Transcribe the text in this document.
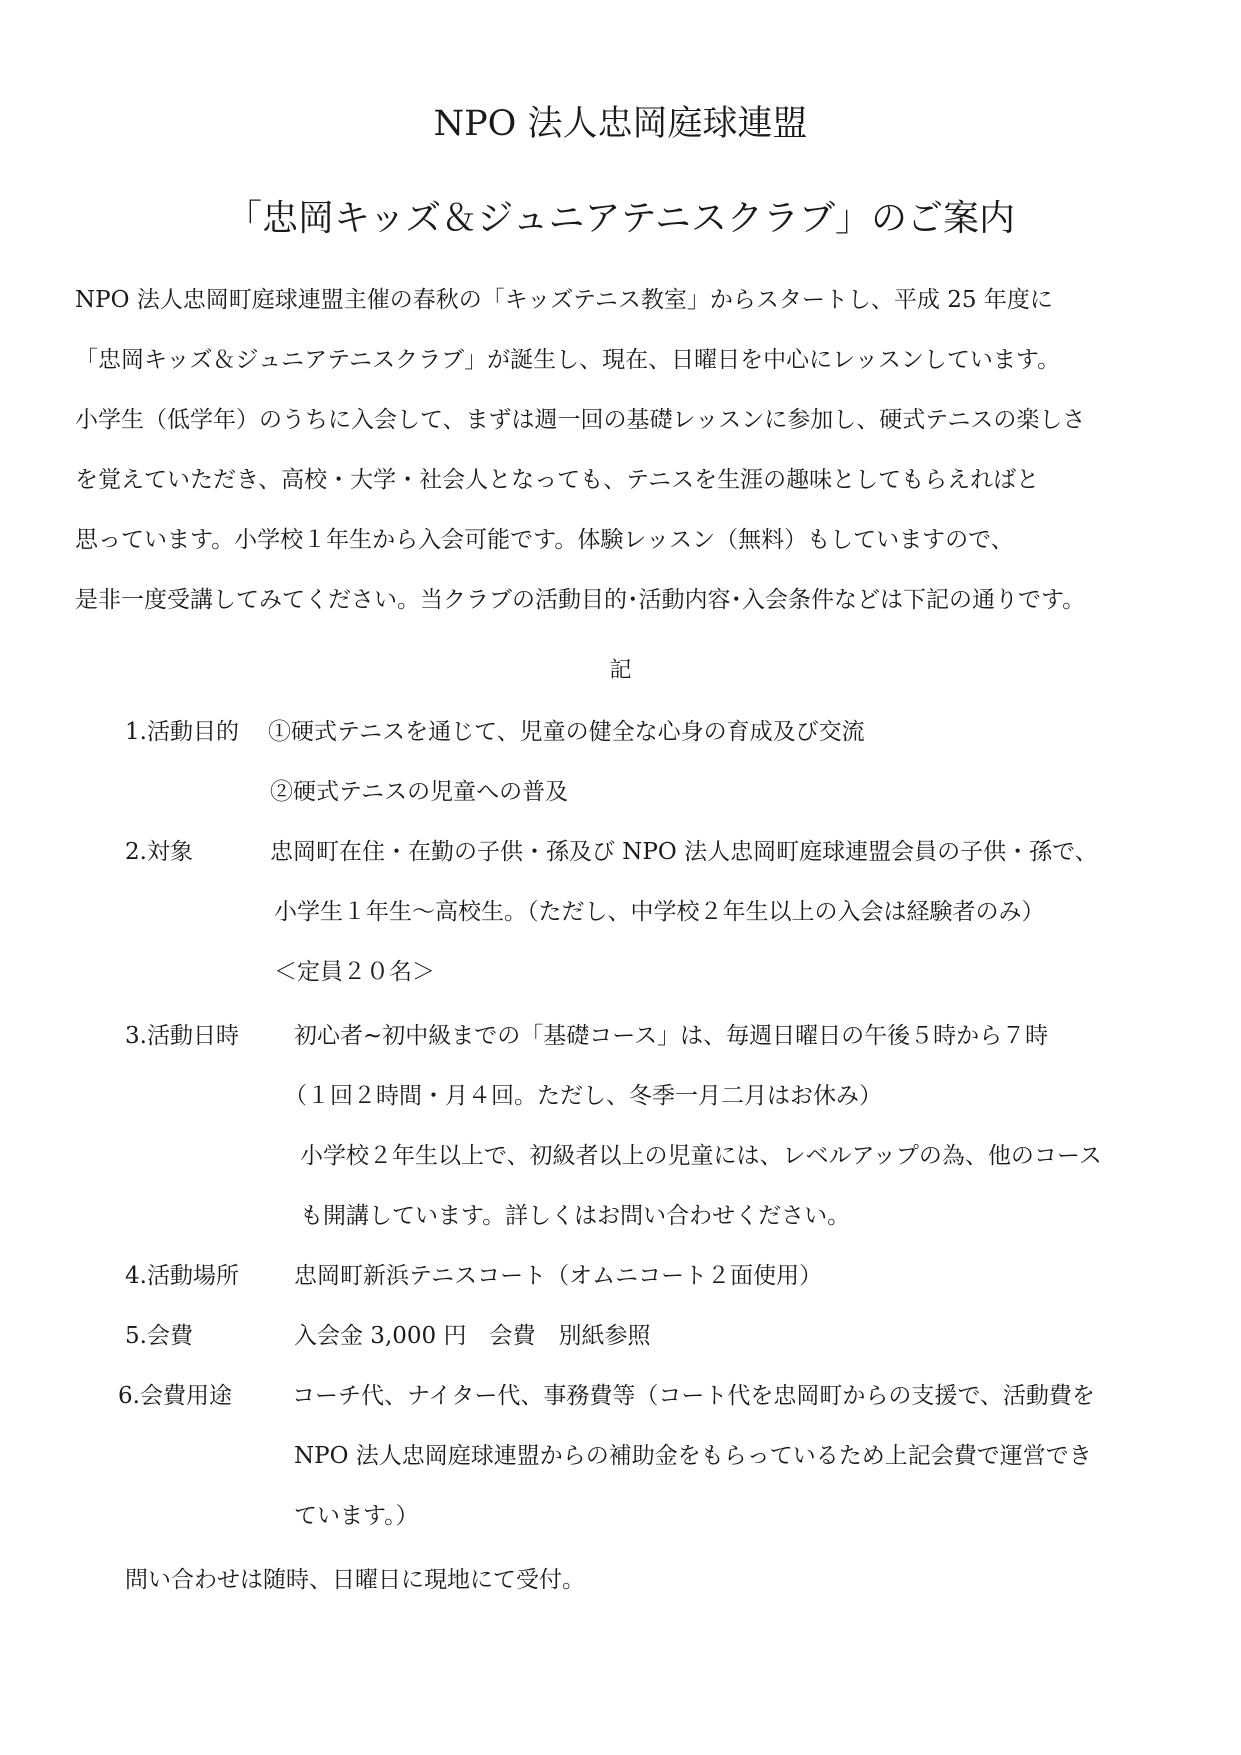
NPO 法人忠岡庭球連盟
「忠岡キッズ＆ジュニアテニスクラブ」のご案内
NPO 法人忠岡町庭球連盟主催の春秋の「キッズテニス教室」からスタートし、平成 25 年度に
「忠岡キッズ＆ジュニアテニスクラブ」が誕生し、現在、日曜日を中心にレッスンしています。
小学生（低学年）のうちに入会して、まずは週一回の基礎レッスンに参加し、硬式テニスの楽しさ
を覚えていただき、高校・大学・社会人となっても、テニスを生涯の趣味としてもらえればと
思っています。小学校１年生から入会可能です。体験レッスン（無料）もしていますので、
是非一度受講してみてください。当クラブの活動目的･活動内容･入会条件などは下記の通りです。
記
1.活動目的 ①硬式テニスを通じて、児童の健全な心身の育成及び交流
②硬式テニスの児童への普及
2.対象	忠岡町在住・在勤の子供・孫及び NPO 法人忠岡町庭球連盟会員の子供・孫で、
小学生１年生～高校生。（ただし、中学校２年生以上の入会は経験者のみ）
＜定員２０名＞
3.活動日時 初心者~初中級までの「基礎コース」は、毎週日曜日の午後５時から７時
（１回２時間・月４回。ただし、冬季一月二月はお休み）
小学校２年生以上で、初級者以上の児童には、レベルアップの為、他のコース
も開講しています。詳しくはお問い合わせください。
4.活動場所 忠岡町新浜テニスコート（オムニコート２面使用）
5.会費	入会金 3,000 円　会費　別紙参照
6.会費用途	コーチ代、ナイター代、事務費等（コート代を忠岡町からの支援で、活動費を
NPO 法人忠岡庭球連盟からの補助金をもらっているため上記会費で運営でき
ています。）
問い合わせは随時、日曜日に現地にて受付。
